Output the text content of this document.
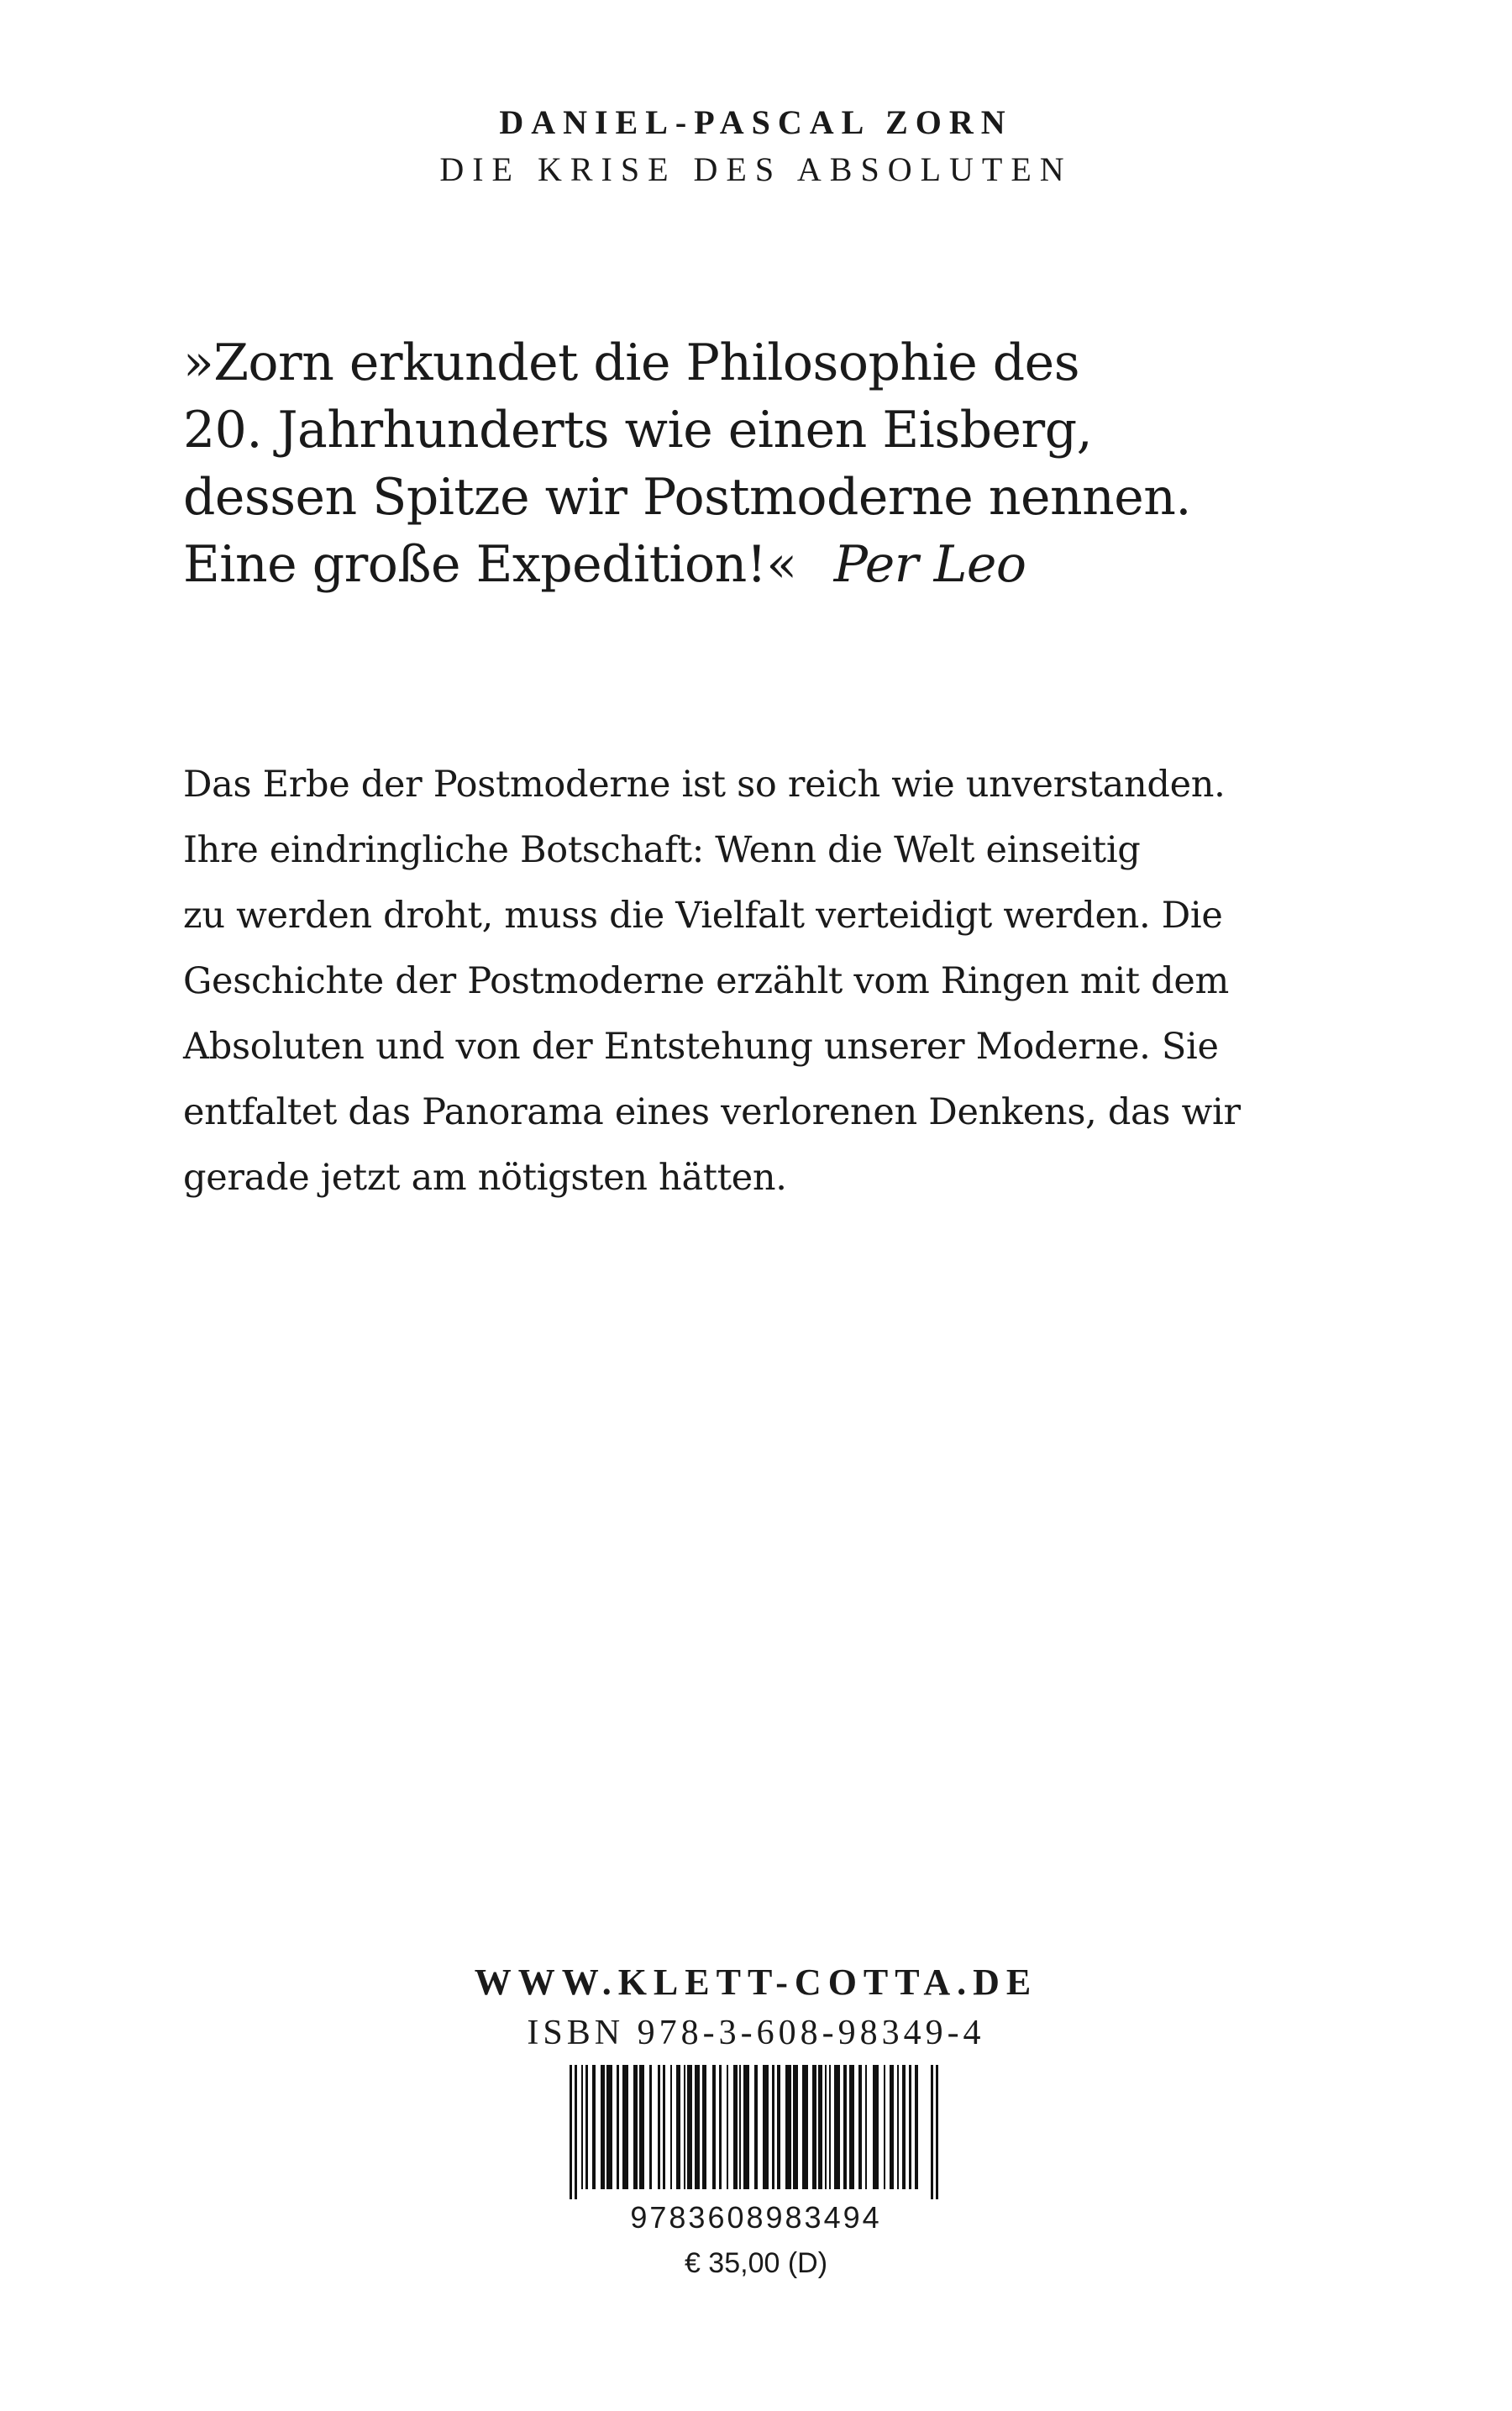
DANIEL-PASCAL ZORN
DIE KRISE DES ABSOLUTEN
»Zorn erkundet die Philosophie des
20. Jahrhunderts wie einen Eisberg,
dessen Spitze wir Postmoderne nennen.
Eine große Expedition!« Per Leo
Das Erbe der Postmoderne ist so reich wie unverstanden.
Ihre eindringliche Botschaft: Wenn die Welt einseitig
zu werden droht, muss die Vielfalt verteidigt werden. Die
Geschichte der Postmoderne erzählt vom Ringen mit dem
Absoluten und von der Entstehung unserer Moderne. Sie
entfaltet das Panorama eines verlorenen Denkens, das wir
gerade jetzt am nötigsten hätten.
WWW.KLETT-COTTA.DE
ISBN 978-3-608-98349-4
9783608983494
€ 35,00 (D)
